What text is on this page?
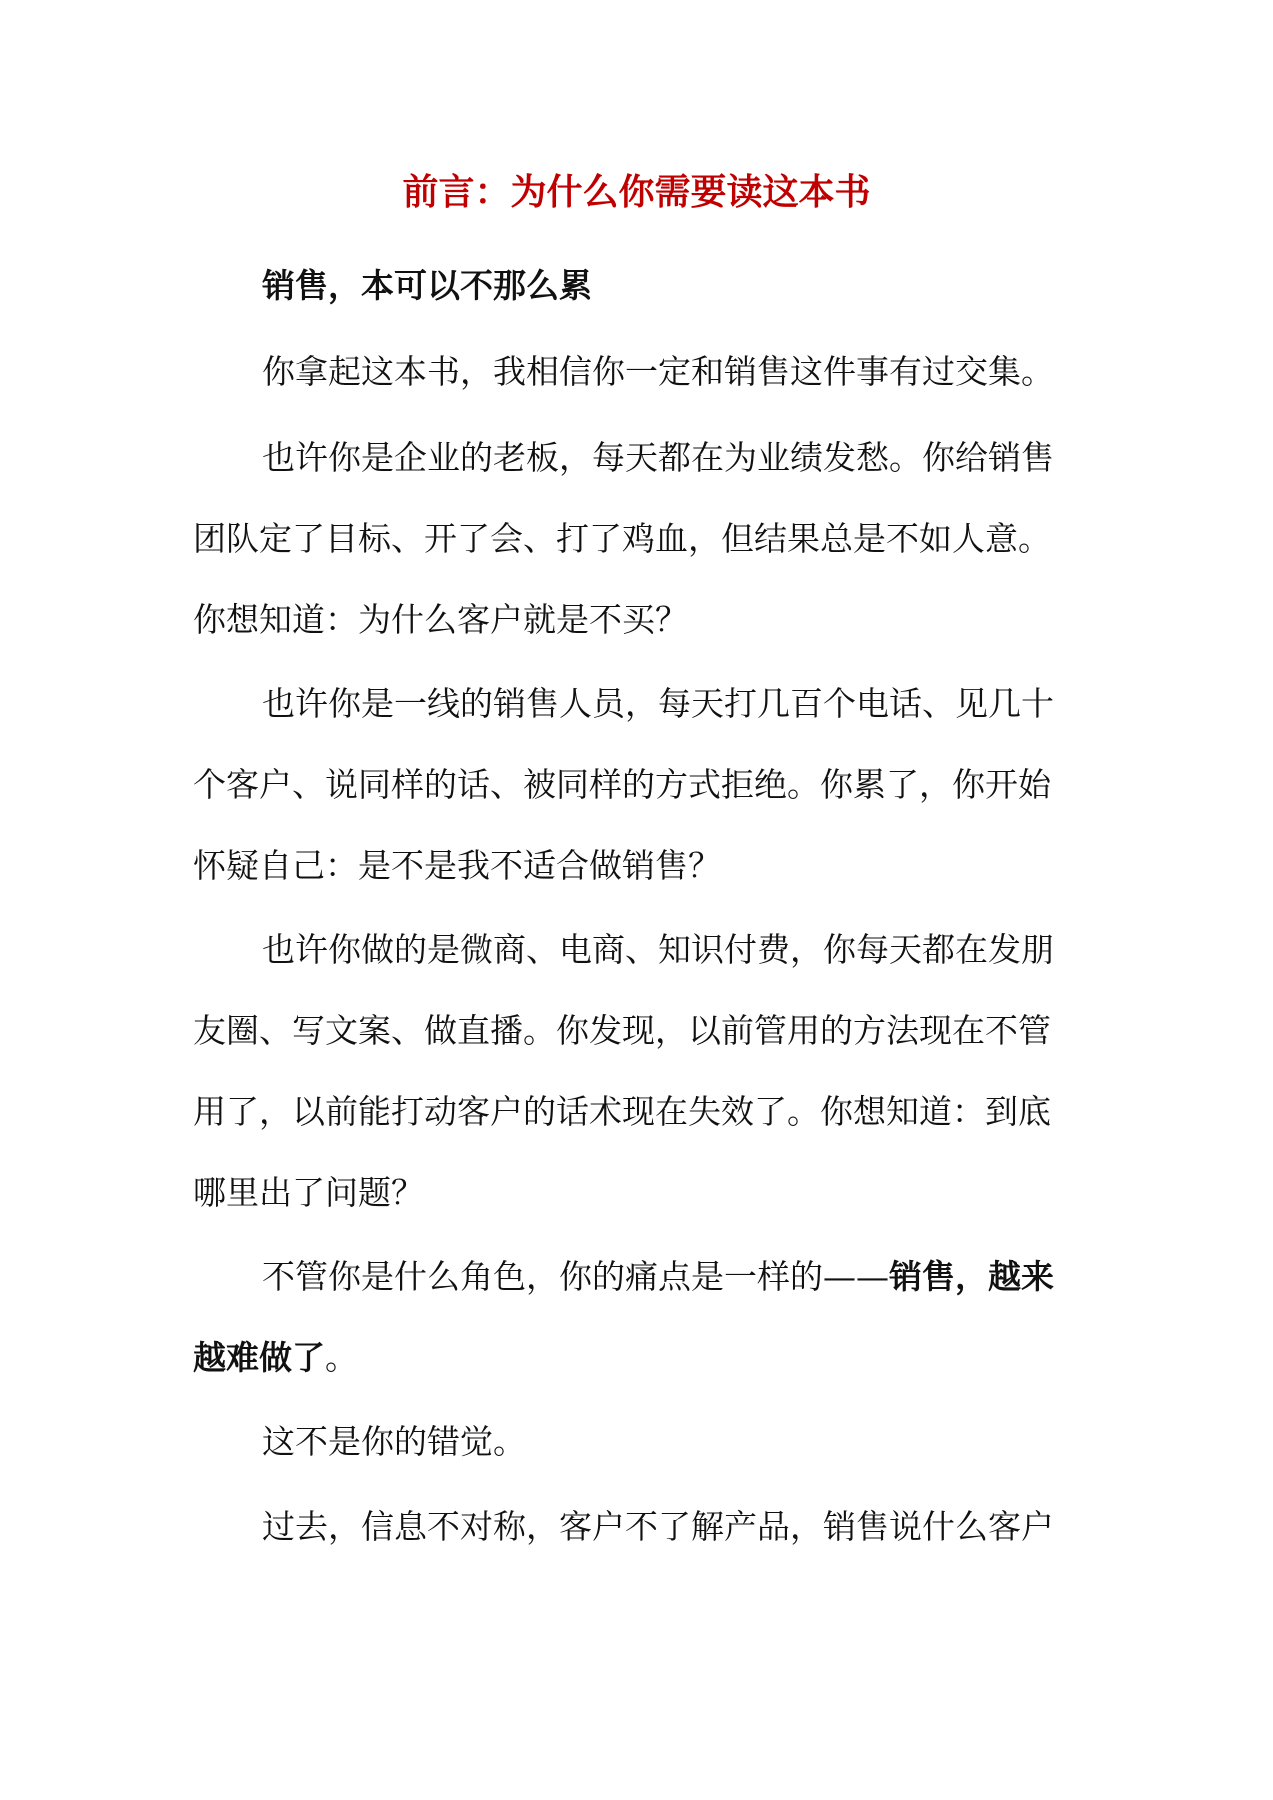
前言：为什么你需要读这本书

销售，本可以不那么累

你拿起这本书，我相信你一定和销售这件事有过交集。

也许你是企业的老板，每天都在为业绩发愁。你给销售

团队定了目标、开了会、打了鸡血，但结果总是不如人意。

你想知道：为什么客户就是不买？

也许你是一线的销售人员，每天打几百个电话、见几十

个客户、说同样的话、被同样的方式拒绝。你累了，你开始

怀疑自己：是不是我不适合做销售？

也许你做的是微商、电商、知识付费，你每天都在发朋

友圈、写文案、做直播。你发现，以前管用的方法现在不管

用了，以前能打动客户的话术现在失效了。你想知道：到底

哪里出了问题？

不管你是什么角色，你的痛点是一样的——销售，越来

越难做了。

这不是你的错觉。

过去，信息不对称，客户不了解产品，销售说什么客户
